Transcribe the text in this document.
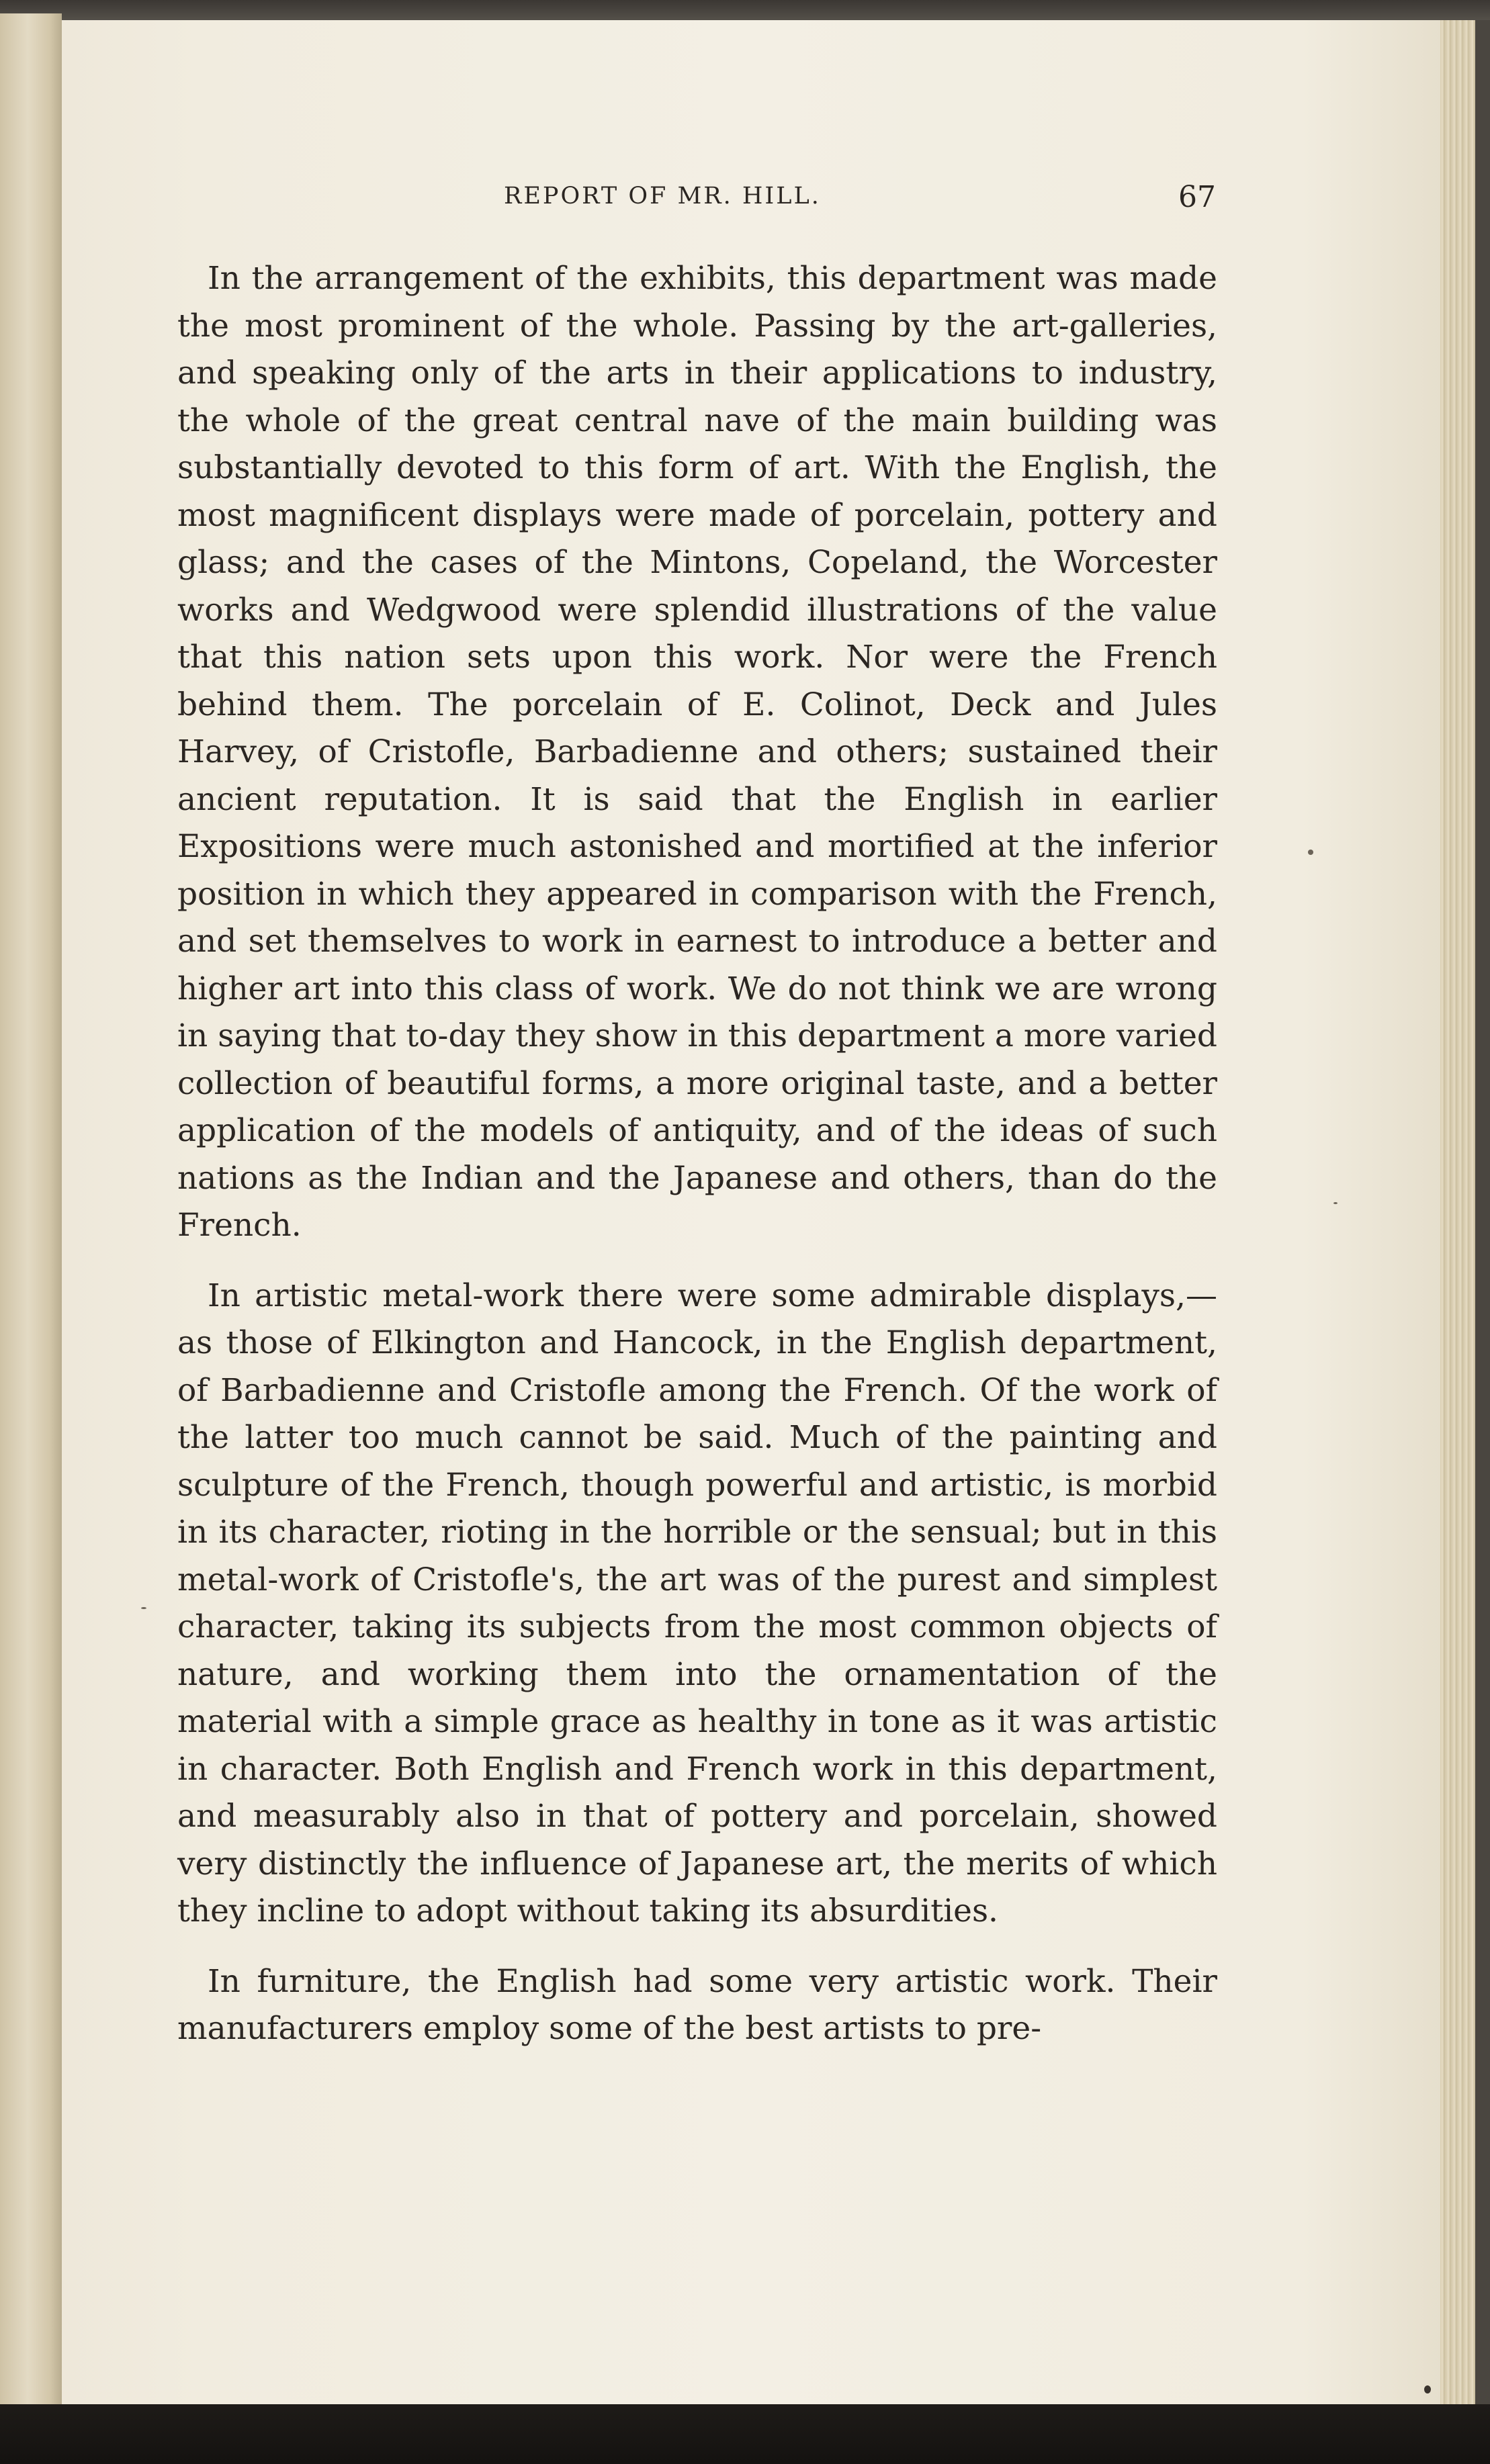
REPORT OF MR. HILL.	67

In the arrangement of the exhibits, this department was made the most prominent of the whole. Passing by the art-galleries, and speaking only of the arts in their applications to industry, the whole of the great central nave of the main building was substantially devoted to this form of art. With the English, the most magnificent displays were made of porcelain, pottery and glass; and the cases of the Mintons, Copeland, the Worcester works and Wedgwood were splendid illustrations of the value that this nation sets upon this work. Nor were the French behind them. The porcelain of E. Colinot, Deck and Jules Harvey, of Cristofle, Barbadienne and others; sustained their ancient reputation. It is said that the English in earlier Expositions were much astonished and mortified at the inferior position in which they appeared in comparison with the French, and set themselves to work in earnest to introduce a better and higher art into this class of work. We do not think we are wrong in saying that to-day they show in this department a more varied collection of beautiful forms, a more original taste, and a better application of the models of antiquity, and of the ideas of such nations as the Indian and the Japanese and others, than do the French.

In artistic metal-work there were some admirable displays,—as those of Elkington and Hancock, in the English department, of Barbadienne and Cristofle among the French. Of the work of the latter too much cannot be said. Much of the painting and sculpture of the French, though powerful and artistic, is morbid in its character, rioting in the horrible or the sensual; but in this metal-work of Cristofle's, the art was of the purest and simplest character, taking its subjects from the most common objects of nature, and working them into the ornamentation of the material with a simple grace as healthy in tone as it was artistic in character. Both English and French work in this department, and measurably also in that of pottery and porcelain, showed very distinctly the influence of Japanese art, the merits of which they incline to adopt without taking its absurdities.

In furniture, the English had some very artistic work. Their manufacturers employ some of the best artists to pre-
